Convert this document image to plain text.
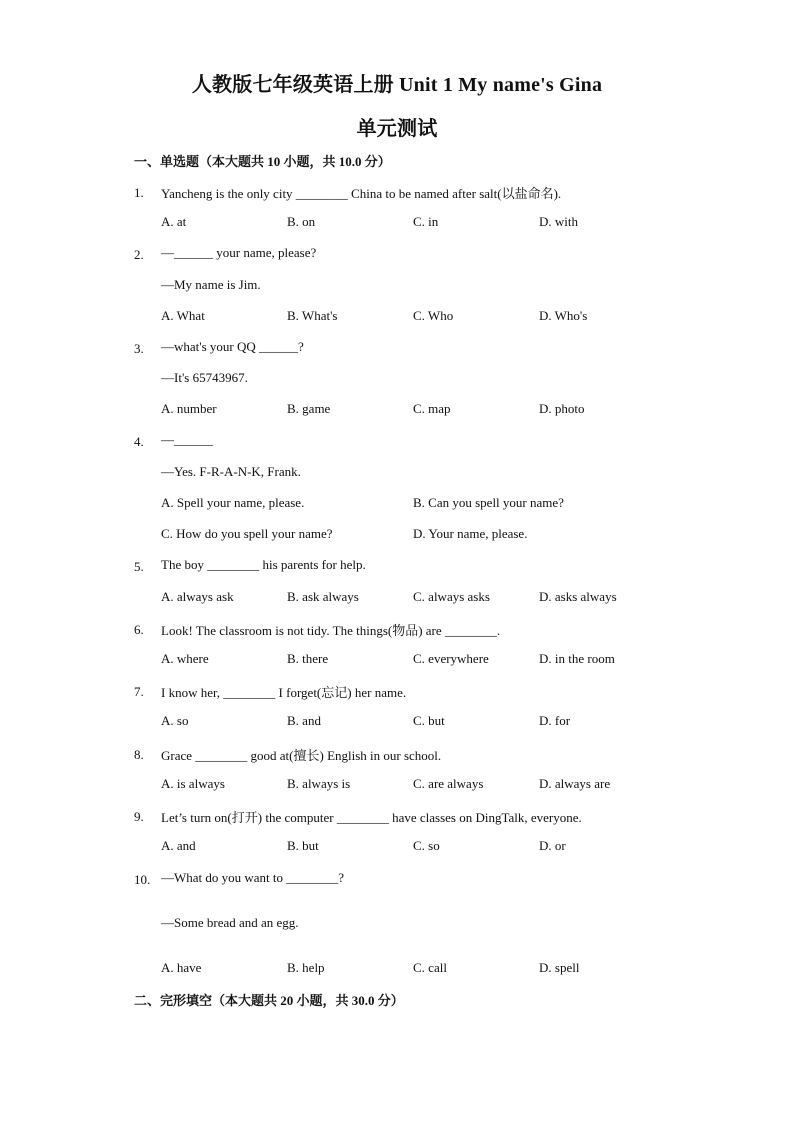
人教版七年级英语上册 Unit 1 My name's Gina
单元测试
一、单选题（本大题共 10 小题，共 10.0 分）
1. Yancheng is the only city ________ China to be named after salt(以盐命名).
A. at	B. on	C. in	D. with
2. —______ your name, please?
—My name is Jim.
A. What	B. What's	C. Who	D. Who's
3. —what's your QQ ______?
—It's 65743967.
A. number	B. game	C. map	D. photo
4. —______
—Yes. F-R-A-N-K, Frank.
A. Spell your name, please.	B. Can you spell your name?
C. How do you spell your name?	D. Your name, please.
5. The boy ________ his parents for help.
A. always ask	B. ask always	C. always asks	D. asks always
6. Look! The classroom is not tidy. The things(物品) are ________.
A. where	B. there	C. everywhere	D. in the room
7. I know her, ________ I forget(忘记) her name.
A. so	B. and	C. but	D. for
8. Grace ________ good at(擅长) English in our school.
A. is always	B. always is	C. are always	D. always are
9. Let’s turn on(打开) the computer ________ have classes on DingTalk, everyone.
A. and	B. but	C. so	D. or
10. —What do you want to ________?
—Some bread and an egg.
A. have	B. help	C. call	D. spell
二、完形填空（本大题共 20 小题，共 30.0 分）
